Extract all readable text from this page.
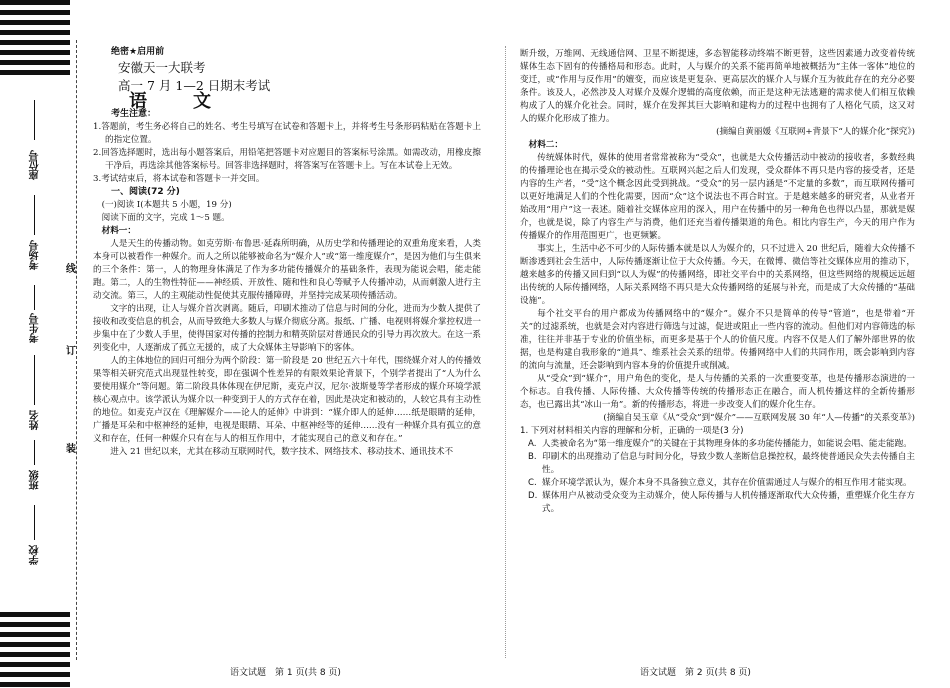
座位号
考场号
考生号
姓名
班级
学校
线
订
装

绝密★启用前

安徽天一大联考

高一 7 月 1—2 日期末考试

语　文

考生注意：

1.答题前，考生务必将自己的姓名、考生号填写在试卷和答题卡上，并将考生号条形码粘贴在答题卡上的指定位置。

2.回答选择题时，选出每小题答案后，用铅笔把答题卡对应题目的答案标号涂黑。如需改动，用橡皮擦干净后，再选涂其他答案标号。回答非选择题时，将答案写在答题卡上。写在本试卷上无效。

3.考试结束后，将本试卷和答题卡一并交回。

一、阅读(72 分)

(一)阅读 I(本题共 5 小题，19 分)

阅读下面的文字，完成 1～5 题。

材料一：

人是天生的传播动物。如克劳斯·布鲁思·延森所明确，从历史学和传播理论的双重角度来看，人类本身可以被看作一种媒介。而人之所以能够被命名为“媒介人”或“第一维度媒介”，是因为他们与生俱来的三个条件：第一，人的物理身体满足了作为多功能传播媒介的基础条件，表现为能说会唱，能走能跑。第二，人的生物性特征——神经质、开放性、随和性和良心等赋予人传播冲动，从而刺激人进行主动交流。第三，人的主观能动性促使其克服传播障碍，并坚持完成某项传播活动。

文字的出现，让人与媒介首次剥离。随后，印刷术推动了信息与时间的分化，进而为少数人提供了接收和改变信息的机会，从而导致绝大多数人与媒介彻底分离。报纸、广播、电视则将媒介掌控权进一步集中在了少数人手里，使得国家对传播的控制力和精英阶层对普通民众的引导力再次放大。在这一系列变化中，人逐渐成了孤立无援的，成了大众媒体主导影响下的客体。

人的主体地位的回归可细分为两个阶段：第一阶段是 20 世纪五六十年代，围绕媒介对人的传播效果等相关研究范式出现显性转变，即在强调个性差异的有限效果论背景下，个别学者提出了“人为什么要使用媒介”等问题。第二阶段具体体现在伊尼斯，麦克卢汉，尼尔·波斯曼等学者形成的媒介环境学派核心观点中。该学派认为媒介以一种变到于人的方式存在着，因此是决定和被动的，人较它具有主动性的地位。如麦克卢汉在《理解媒介——论人的延伸》中讲到：“媒介即人的延伸……纸是眼睛的延伸，广播是耳朵和中枢神经的延伸，电视是眼睛、耳朵、中枢神经等的延伸……没有一种媒介具有孤立的意义和存在，任何一种媒介只有在与人的相互作用中，才能实现自己的意义和存在。”

进入 21 世纪以来，尤其在移动互联网时代，数字技术、网络技术、移动技术、通讯技术不

断升级，万维网、无线通信网、卫星不断提速，多态智能移动终端不断更替，这些因素通力改变着传统媒体生态下固有的传播格局和形态。此时，人与媒介的关系不能再简单地被概括为“主体一客体”地位的变迁，或“作用与反作用”的嬗变，而应该是更复杂、更高层次的媒介人与媒介互为彼此存在的充分必要条件。该及人，必然涉及人对媒介及媒介逻辑的高度依赖，而正是这种无法逃避的需求使人们相互依赖构成了人的媒介化社会。同时，媒介在发挥其巨大影响和建构力的过程中也拥有了人格化气质，这又对人的媒介化形成了推力。

(摘编自黄丽媛《互联网+背景下“人的媒介化”探究》)

材料二：

传统媒体时代，媒体的使用者常常被称为“受众”，也就是大众传播活动中被动的接收者，多数经典的传播理论也在揭示受众的被动性。互联网兴起之后人们发现，受众群体不再只是内容的接受者，还是内容的生产者，“受”这个概念因此受到挑战。“受众”的另一层内涵是“不定量的多数”，而互联网传播可以更好地满足人们的个性化需要，因而“众”这个说法也不再合时宜。于是越来越多的研究者，从业者开始改用“用户”这一表述。随着社交媒体应用的深入，用户在传播中的另一种角色也得以凸显，那就是媒介，也就是说，除了内容生产与消费，他们还充当着传播渠道的角色。相比内容生产，今天的用户作为传播媒介的作用范围更广，也更频繁。

事实上，生活中必不可少的人际传播本就是以人为媒介的，只不过进入 20 世纪后，随着大众传播不断渗透到社会生活中，人际传播逐渐让位于大众传播。今天，在微博、微信等社交媒体应用的推动下，越来越多的传播又回归到“以人为媒”的传播网络，即社交平台中的关系网络，但这些网络的规模远远超出传统的人际传播网络，人际关系网络不再只是大众传播网络的延展与补充，而是成了大众传播的“基础设施”。

每个社交平台的用户都成为传播网络中的“媒介”。媒介不只是简单的传导“管道”，也是带着“开关”的过滤系统，也就是会对内容进行筛选与过滤，促进或阻止一些内容的流动。但他们对内容筛选的标准，往往并非基于专业的价值坐标，而更多是基于个人的价值尺度。内容不仅是人们了解外部世界的依据，也是构建自我形象的“道具”、维系社会关系的纽带。传播网络中人们的共同作用，既会影响到内容的流向与流量，还会影响到内容本身的价值提升或削减。

从“受众”到“媒介”，用户角色的变化，是人与传播的关系的一次重要变革，也是传播形态演进的一个标志。自我传播、人际传播、大众传播等传统的传播形态正在融合，而人机传播这样的全新传播形态，也已露出其“冰山一角”。新的传播形态，将进一步改变人们的媒介化生存。

(摘编自吴玉章《从“受众”到“媒介”——互联网发展 30 年“人—传播”的关系变革》)

1. 下列对材料相关内容的理解和分析，正确的一项是(3 分)

A. 人类被命名为“第一维度媒介”的关键在于其物理身体的多功能传播能力，如能说会唱、能走能跑。

B. 印刷术的出现推动了信息与时间分化，导致少数人垄断信息操控权，最终使普通民众失去传播自主性。

C. 媒介环境学派认为，媒介本身不具备独立意义，其存在价值需通过人与媒介的相互作用才能实现。

D. 媒体用户从被动受众变为主动媒介，使人际传播与人机传播逐渐取代大众传播，重塑媒介化生存方式。

语文试题　第 1 页(共 8 页)	语文试题　第 2 页(共 8 页)
